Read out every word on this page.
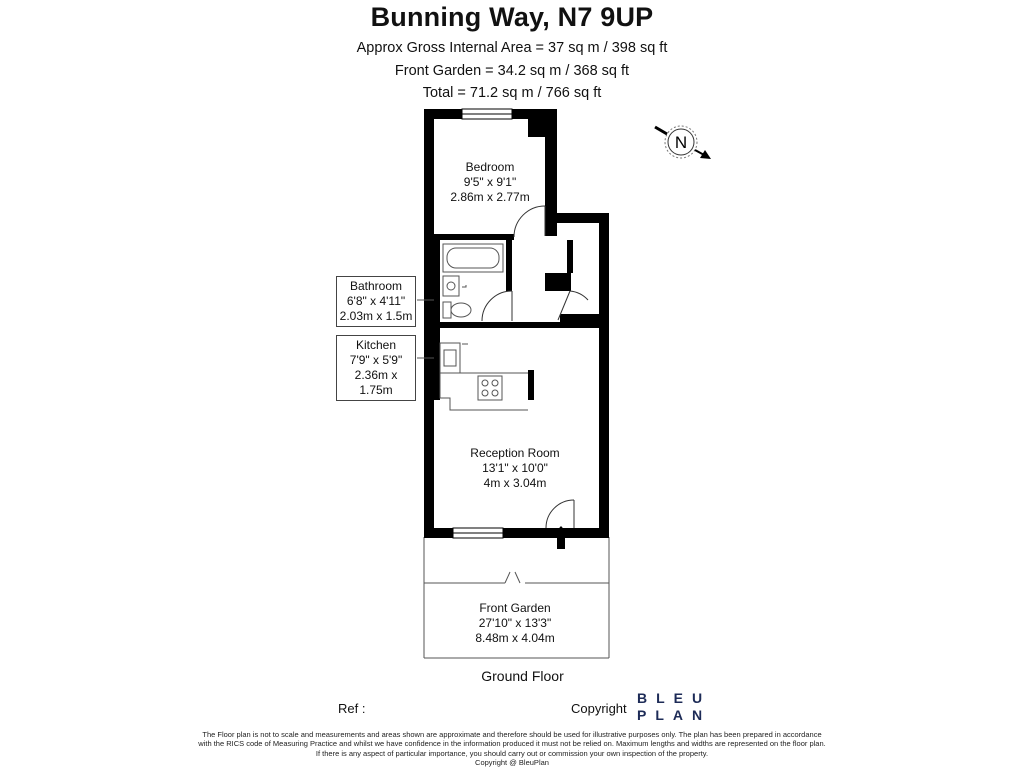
Bunning Way, N7 9UP
Approx Gross Internal Area = 37 sq m / 398 sq ft
Front Garden = 34.2 sq m / 368 sq ft
Total = 71.2 sq m / 766 sq ft
N
Bedroom
9'5" x 9'1"
2.86m x 2.77m
Bathroom
6'8" x 4'11"
2.03m x 1.5m
Kitchen
7'9" x 5'9"
2.36m x 1.75m
Reception Room
13'1" x 10'0"
4m x 3.04m
Front Garden
27'10" x 13'3"
8.48m x 4.04m
Ground Floor
Ref :	Copyright
BLEU
PLAN
The Floor plan is not to scale and measurements and areas shown are approximate and therefore should be used for illustrative purposes only. The plan has been prepared in accordance
with the RICS code of Measuring Practice and whilst we have confidence in the information produced it must not be relied on. Maximum lengths and widths are represented on the floor plan.
If there is any aspect of particular importance, you should carry out or commission your own inspection of the property.
Copyright @ BleuPlan
